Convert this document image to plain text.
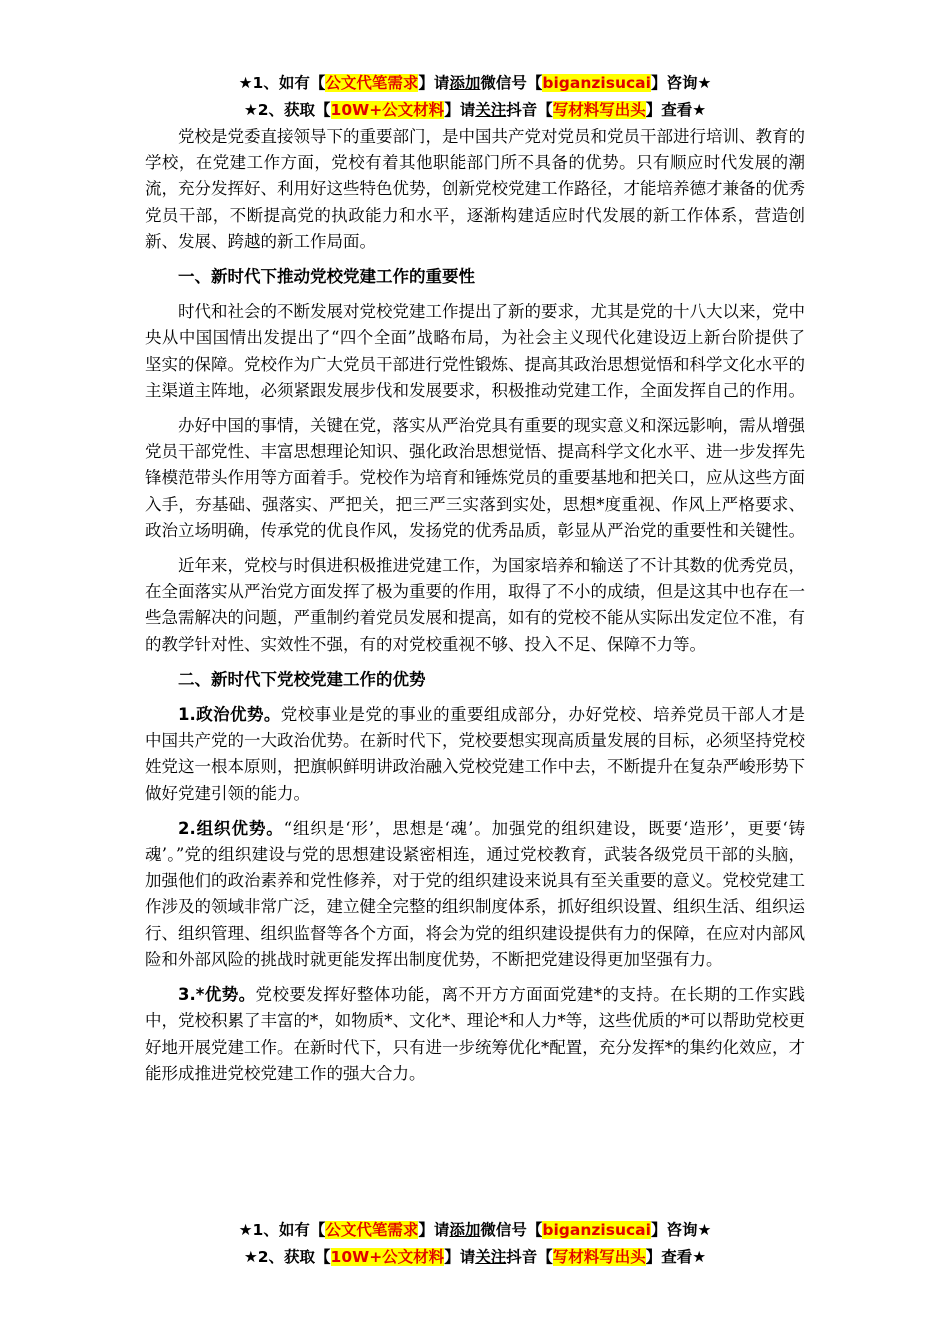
★1、如有【公文代笔需求】请添加微信号【biganzisucai】咨询★
★2、获取【10W+公文材料】请关注抖音【写材料写出头】查看★

党校是党委直接领导下的重要部门，是中国共产党对党员和党员干部进行培训、教育的学校，在党建工作方面，党校有着其他职能部门所不具备的优势。只有顺应时代发展的潮流，充分发挥好、利用好这些特色优势，创新党校党建工作路径，才能培养德才兼备的优秀党员干部，不断提高党的执政能力和水平，逐渐构建适应时代发展的新工作体系，营造创新、发展、跨越的新工作局面。

一、新时代下推动党校党建工作的重要性

时代和社会的不断发展对党校党建工作提出了新的要求，尤其是党的十八大以来，党中央从中国国情出发提出了“四个全面”战略布局，为社会主义现代化建设迈上新台阶提供了坚实的保障。党校作为广大党员干部进行党性锻炼、提高其政治思想觉悟和科学文化水平的主渠道主阵地，必须紧跟发展步伐和发展要求，积极推动党建工作，全面发挥自己的作用。

办好中国的事情，关键在党，落实从严治党具有重要的现实意义和深远影响，需从增强党员干部党性、丰富思想理论知识、强化政治思想觉悟、提高科学文化水平、进一步发挥先锋模范带头作用等方面着手。党校作为培育和锤炼党员的重要基地和把关口，应从这些方面入手，夯基础、强落实、严把关，把三严三实落到实处，思想*度重视、作风上严格要求、政治立场明确，传承党的优良作风，发扬党的优秀品质，彰显从严治党的重要性和关键性。

近年来，党校与时俱进积极推进党建工作，为国家培养和输送了不计其数的优秀党员，在全面落实从严治党方面发挥了极为重要的作用，取得了不小的成绩，但是这其中也存在一些急需解决的问题，严重制约着党员发展和提高，如有的党校不能从实际出发定位不准，有的教学针对性、实效性不强，有的对党校重视不够、投入不足、保障不力等。

二、新时代下党校党建工作的优势

1.政治优势。党校事业是党的事业的重要组成部分，办好党校、培养党员干部人才是中国共产党的一大政治优势。在新时代下，党校要想实现高质量发展的目标，必须坚持党校姓党这一根本原则，把旗帜鲜明讲政治融入党校党建工作中去，不断提升在复杂严峻形势下做好党建引领的能力。

2.组织优势。“组织是‘形’，思想是‘魂’。加强党的组织建设，既要‘造形’，更要‘铸魂’。”党的组织建设与党的思想建设紧密相连，通过党校教育，武装各级党员干部的头脑，加强他们的政治素养和党性修养，对于党的组织建设来说具有至关重要的意义。党校党建工作涉及的领域非常广泛，建立健全完整的组织制度体系，抓好组织设置、组织生活、组织运行、组织管理、组织监督等各个方面，将会为党的组织建设提供有力的保障，在应对内部风险和外部风险的挑战时就更能发挥出制度优势，不断把党建设得更加坚强有力。

3.*优势。党校要发挥好整体功能，离不开方方面面党建*的支持。在长期的工作实践中，党校积累了丰富的*，如物质*、文化*、理论*和人力*等，这些优质的*可以帮助党校更好地开展党建工作。在新时代下，只有进一步统筹优化*配置，充分发挥*的集约化效应，才能形成推进党校党建工作的强大合力。

★1、如有【公文代笔需求】请添加微信号【biganzisucai】咨询★
★2、获取【10W+公文材料】请关注抖音【写材料写出头】查看★
